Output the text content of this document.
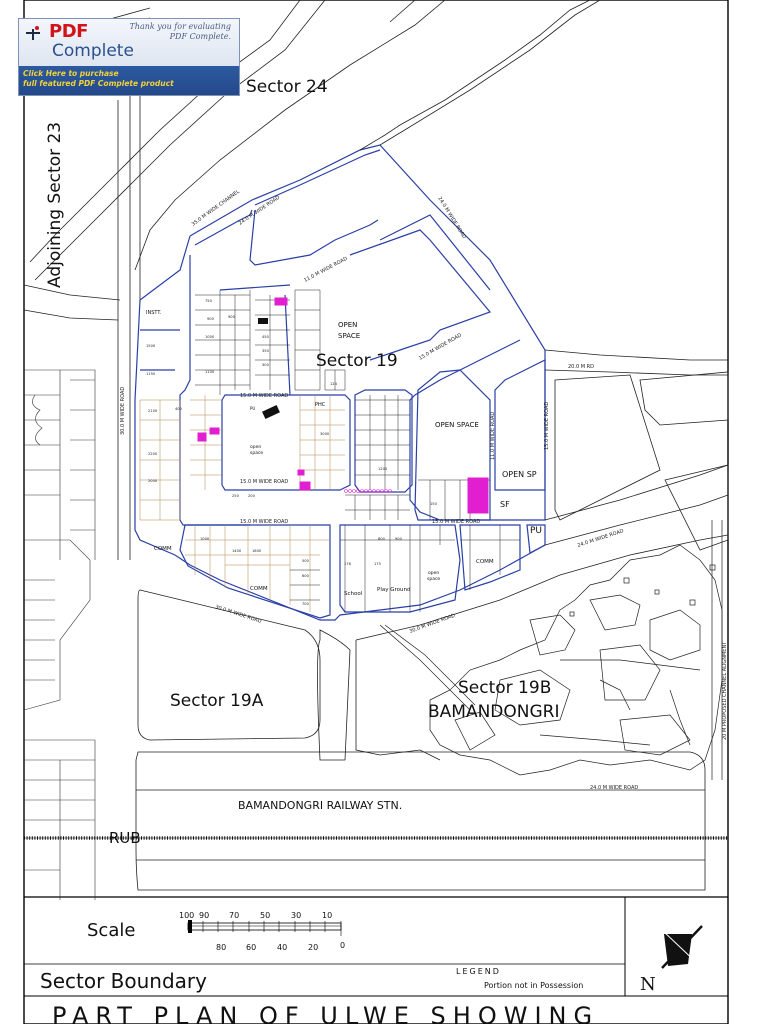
Sector 24
Adjoining Sector 23
Sector 19
Sector 19A
Sector 19B
BAMANDONGRI
BAMANDONGRI RAILWAY STN.
RUB
OPEN
SPACE
OPEN SPACE
OPEN SP
open
space
open
space
INSTT.
COMM
COMM
COMM
School
Play Ground
PU
SF
PHC
PU
35.0 M WIDE CHANNEL
24.0 M WIDE ROAD	24.0 M WIDE ROAD
11.0 M WIDE ROAD
15.0 M WIDE ROAD
20.0 M RD
15.0 M WIDE ROAD
30.0 M WIDE ROAD
11.0 M WIDE ROAD
15.0 M WIDE ROAD
15.0 M WIDE ROAD	15.0 M WIDE ROAD
15.0 M WIDE ROAD
30.0 M WIDE ROAD	30.0 M WIDE ROAD
24.0 M WIDE ROAD
24.0 M WIDE ROAD
20 M PROPOSED CHANNEL ALIGNMENT
750
900	900
1000
1100
1150
1500
2000
2100
1800
1400
1000
500
600
700
800	900
1200
3000
2200
400
450
350
300
250	200
150
124
175
176
Scale
100 90 70	50	30	10
80 60	40	20	0
LEGEND
Sector Boundary	Portion not in Possession	N
PART PLAN OF ULWE SHOWING
PDF
Complete
Thank you for evaluating
PDF Complete.
Click Here to purchase
full featured PDF Complete product
